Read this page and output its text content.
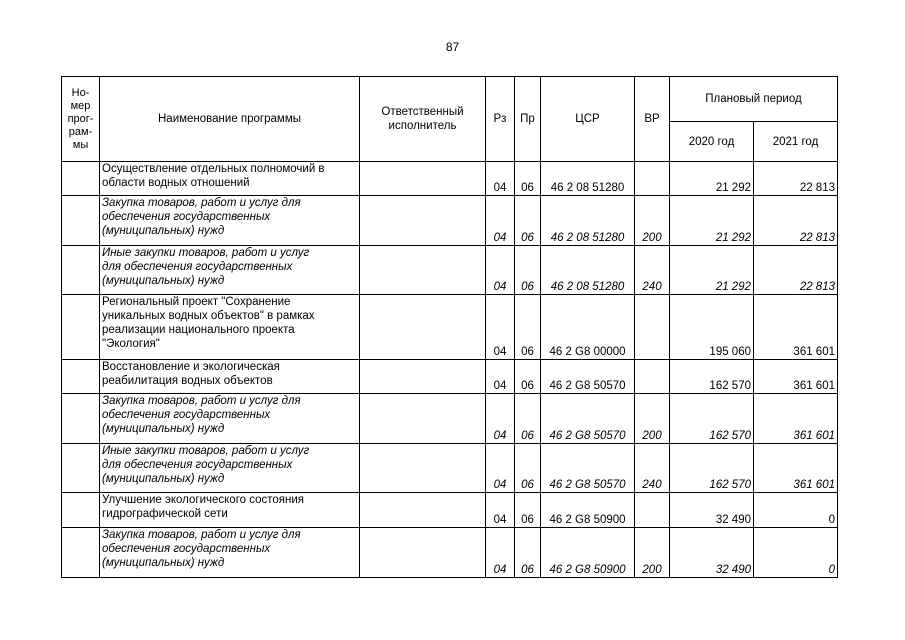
87
Но-
мер
прог-
рам-
мы	Наименование программы	Ответственный исполнитель	Рз	Пр	ЦСР	ВР	Плановый период	
							2020 год	2021 год
	Осуществление отдельных полномочий в
области водных отношений		04	06	46 2 08 51280		21 292	22 813
	Закупка товаров, работ и услуг для
обеспечения государственных
(муниципальных) нужд		04	06	46 2 08 51280	200	21 292	22 813
	Иные закупки товаров, работ и услуг
для обеспечения государственных
(муниципальных) нужд		04	06	46 2 08 51280	240	21 292	22 813
	Региональный проект "Сохранение
уникальных водных объектов" в рамках
реализации национального проекта
"Экология"		04	06	46 2 G8 00000		195 060	361 601
	Восстановление и экологическая
реабилитация водных объектов		04	06	46 2 G8 50570		162 570	361 601
	Закупка товаров, работ и услуг для
обеспечения государственных
(муниципальных) нужд		04	06	46 2 G8 50570	200	162 570	361 601
	Иные закупки товаров, работ и услуг
для обеспечения государственных
(муниципальных) нужд		04	06	46 2 G8 50570	240	162 570	361 601
	Улучшение экологического состояния
гидрографической сети		04	06	46 2 G8 50900		32 490	0
	Закупка товаров, работ и услуг для
обеспечения государственных
(муниципальных) нужд		04	06	46 2 G8 50900	200	32 490	0
